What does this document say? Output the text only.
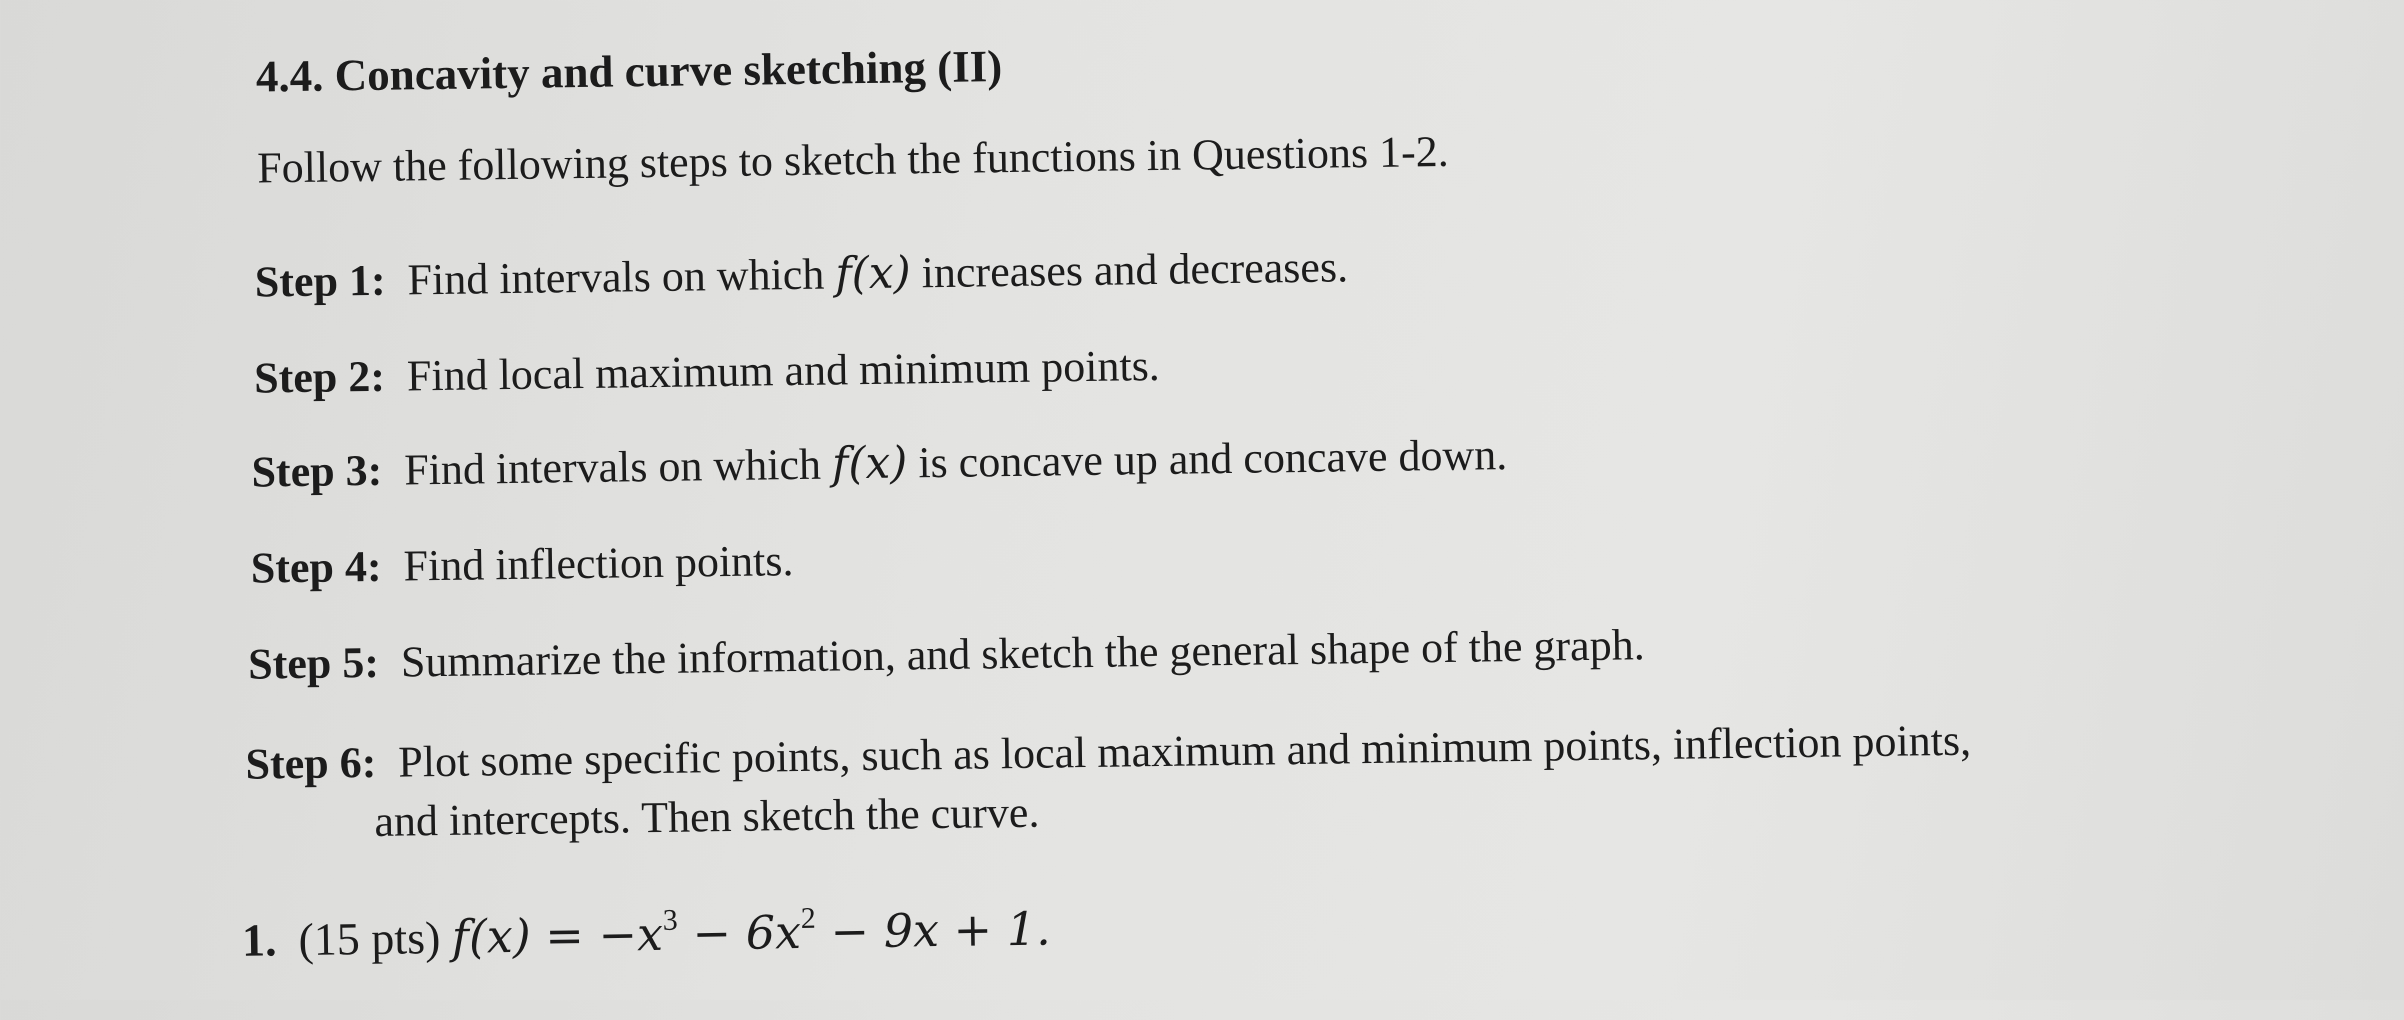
4.4. Concavity and curve sketching (II)
Follow the following steps to sketch the functions in Questions 1-2.
Step 1: Find intervals on which f(x) increases and decreases.
Step 2: Find local maximum and minimum points.
Step 3: Find intervals on which f(x) is concave up and concave down.
Step 4: Find inflection points.
Step 5: Summarize the information, and sketch the general shape of the graph.
Step 6: Plot some specific points, such as local maximum and minimum points, inflection points,
and intercepts. Then sketch the curve.
1. (15 pts) $f(x) = -x^3 - 6x^2 - 9x + 1$.
